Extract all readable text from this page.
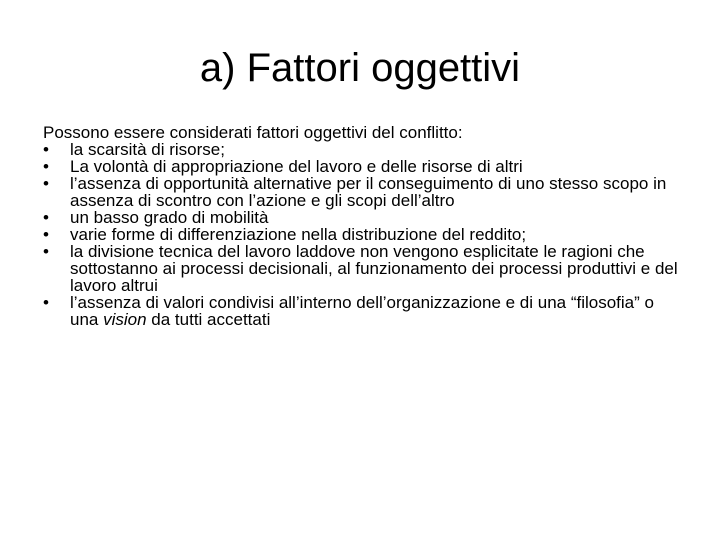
a) Fattori oggettivi

Possono essere considerati fattori oggettivi del conflitto:

•	la scarsità di risorse;
•	La volontà di appropriazione del lavoro e delle risorse di altri
•	l’assenza di opportunità alternative per il conseguimento di uno stesso scopo in assenza di scontro con l’azione e gli scopi dell’altro
•	un basso grado di mobilità
•	varie forme di differenziazione nella distribuzione del reddito;
•	la divisione tecnica del lavoro laddove non vengono esplicitate le ragioni che sottostanno ai processi decisionali, al funzionamento dei processi produttivi e del lavoro altrui
•	l’assenza di valori condivisi all’interno dell’organizzazione e di una “filosofia” o una vision da tutti accettati
